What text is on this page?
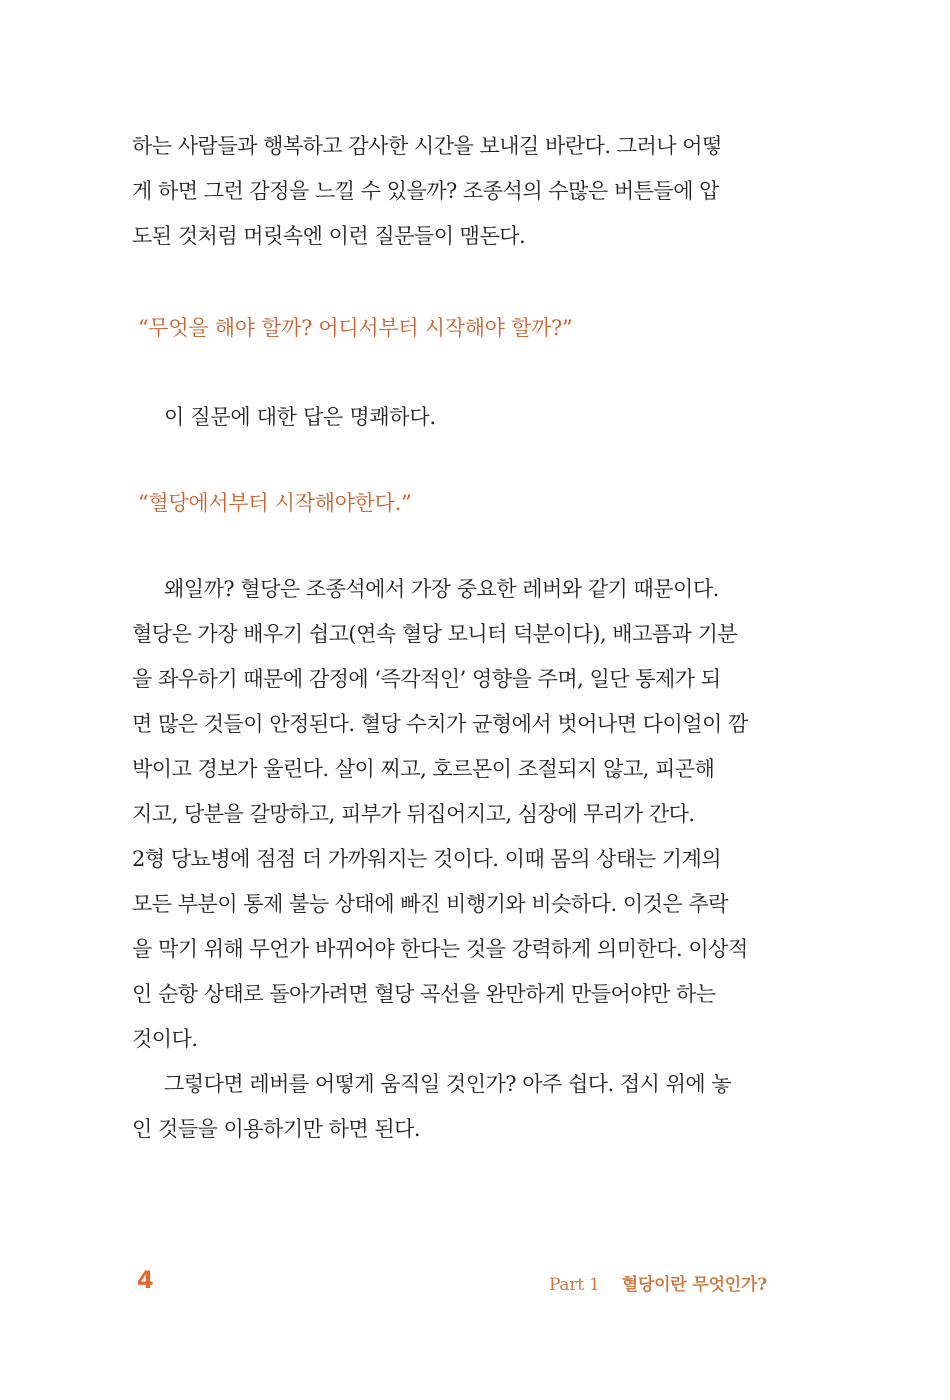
하는 사람들과 행복하고 감사한 시간을 보내길 바란다. 그러나 어떻

게 하면 그런 감정을 느낄 수 있을까? 조종석의 수많은 버튼들에 압

도된 것처럼 머릿속엔 이런 질문들이 맴돈다.

“무엇을 해야 할까? 어디서부터 시작해야 할까?”
이 질문에 대한 답은 명쾌하다.
“혈당에서부터 시작해야한다.”

왜일까? 혈당은 조종석에서 가장 중요한 레버와 같기 때문이다.

혈당은 가장 배우기 쉽고(연속 혈당 모니터 덕분이다), 배고픔과 기분

을 좌우하기 때문에 감정에 ‘즉각적인’ 영향을 주며, 일단 통제가 되

면 많은 것들이 안정된다. 혈당 수치가 균형에서 벗어나면 다이얼이 깜

박이고 경보가 울린다. 살이 찌고, 호르몬이 조절되지 않고, 피곤해

지고, 당분을 갈망하고, 피부가 뒤집어지고, 심장에 무리가 간다.

2형 당뇨병에 점점 더 가까워지는 것이다. 이때 몸의 상태는 기계의

모든 부분이 통제 불능 상태에 빠진 비행기와 비슷하다. 이것은 추락

을 막기 위해 무언가 바뀌어야 한다는 것을 강력하게 의미한다. 이상적

인 순항 상태로 돌아가려면 혈당 곡선을 완만하게 만들어야만 하는

것이다.

그렇다면 레버를 어떻게 움직일 것인가? 아주 쉽다. 접시 위에 놓

인 것들을 이용하기만 하면 된다.

4	Part 1 혈당이란 무엇인가?
